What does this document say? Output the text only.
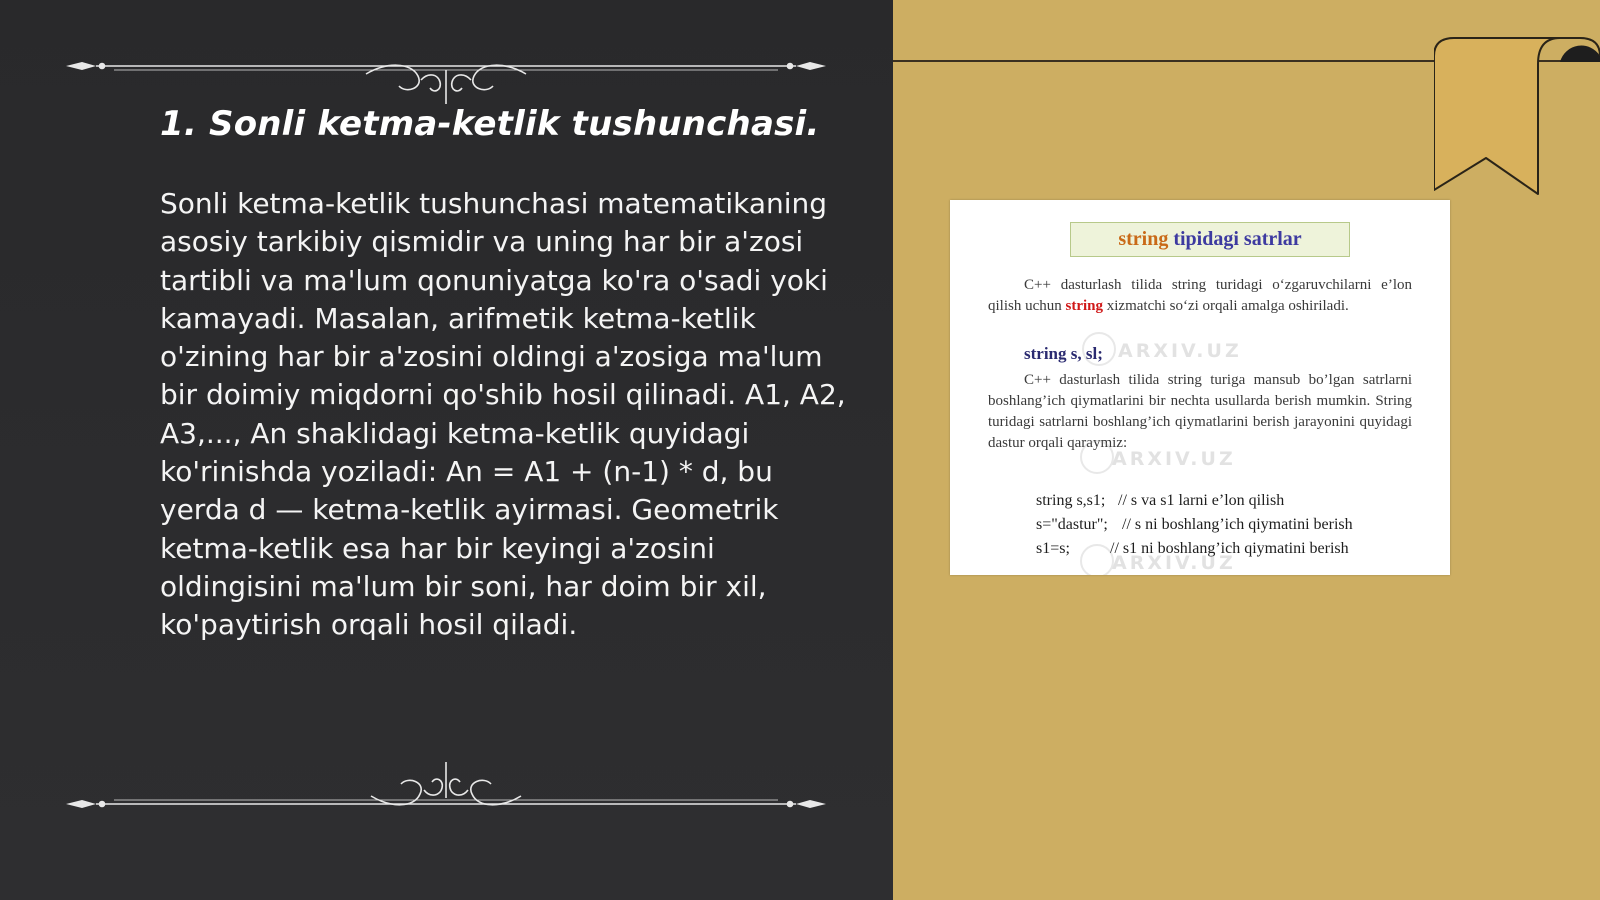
1. Sonli ketma-ketlik tushunchasi.

Sonli ketma-ketlik tushunchasi matematikaning asosiy tarkibiy qismidir va uning har bir a'zosi tartibli va ma'lum qonuniyatga ko'ra o'sadi yoki kamayadi. Masalan, arifmetik ketma-ketlik o'zining har bir a'zosini oldingi a'zosiga ma'lum bir doimiy miqdorni qo'shib hosil qilinadi. A1, A2, A3,..., An shaklidagi ketma-ketlik quyidagi ko'rinishda yoziladi: An = A1 + (n-1) * d, bu yerda d — ketma-ketlik ayirmasi. Geometrik ketma-ketlik esa har bir keyingi a'zosini oldingisini ma'lum bir soni, har doim bir xil, ko'paytirish orqali hosil qiladi.

string tipidagi satrlar

C++ dasturlash tilida string turidagi o‘zgaruvchilarni e’lon qilish uchun string xizmatchi so‘zi orqali amalga oshiriladi.

string s, sl;

C++ dasturlash tilida string turiga mansub bo’lgan satrlarni boshlang’ich qiymatlarini bir nechta usullarda berish mumkin. String turidagi satrlarni boshlang’ich qiymatlarini berish jarayonini quyidagi dastur orqali qaraymiz:

string s,s1; // s va s1 larni e’lon qilish

s="dastur"; // s ni boshlang’ich qiymatini berish

s1=s;	// s1 ni boshlang’ich qiymatini berish

ARXIV.UZ
ARXIV.UZ
ARXIV.UZ
